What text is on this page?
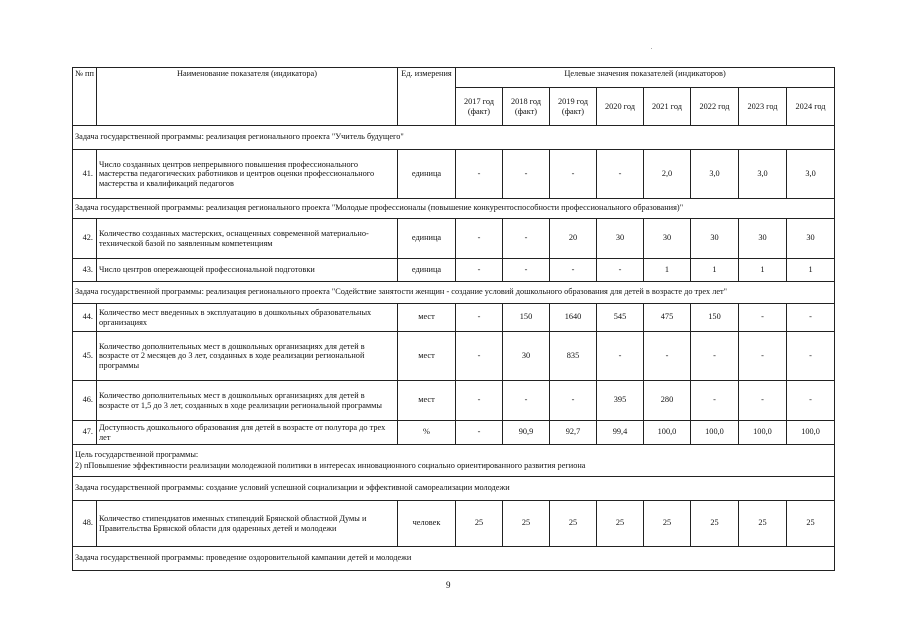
№ пп	Наименование показателя (индикатора)	Ед. измерения	Целевые значения показателей (индикаторов)							
			2017 год (факт)	2018 год (факт)	2019 год (факт)	2020 год	2021 год	2022 год	2023 год	2024 год
Задача государственной программы: реализация регионального проекта "Учитель будущего"										
41.	Число созданных центров непрерывного повышения профессионального мастерства педагогических работников и центров оценки профессионального мастерства и квалификаций педагогов	единица	-	-	-	-	2,0	3,0	3,0	3,0
Задача государственной программы: реализация регионального проекта "Молодые профессионалы (повышение конкурентоспособности профессионального образования)"										
42.	Количество созданных мастерских, оснащенных современной материально-технической базой по заявленным компетенциям	единица	-	-	20	30	30	30	30	30
43.	Число центров опережающей профессиональной подготовки	единица	-	-	-	-	1	1	1	1
Задача государственной программы: реализация регионального проекта "Содействие занятости женщин - создание условий дошкольного образования для детей в возрасте до трех лет"										
44.	Количество мест введенных в эксплуатацию в дошкольных образовательных организациях	мест	-	150	1640	545	475	150	-	-
45.	Количество дополнительных мест в дошкольных организациях для детей в возрасте от 2 месяцев до 3 лет, созданных в ходе реализации региональной программы	мест	-	30	835	-	-	-	-	-
46.	Количество дополнительных мест в дошкольных организациях для детей в возрасте от 1,5 до 3 лет, созданных в ходе реализации региональной программы	мест	-	-	-	395	280	-	-	-
47.	Доступность дошкольного образования для детей в возрасте от полутора до трех лет	%	-	90,9	92,7	99,4	100,0	100,0	100,0	100,0

Цель государственной программы:
2) пПовышение эффективности реализации молодежной политики в интересах инновационного социально ориентированного развития региона										

Задача государственной программы: создание условий успешной социализации и эффективной самореализации молодежи										
48.	Количество стипендиатов именных стипендий Брянской областной Думы и Правительства Брянской области для одаренных детей и молодежи	человек	25	25	25	25	25	25	25	25
Задача государственной программы: проведение оздоровительной кампании детей и молодежи										
9
